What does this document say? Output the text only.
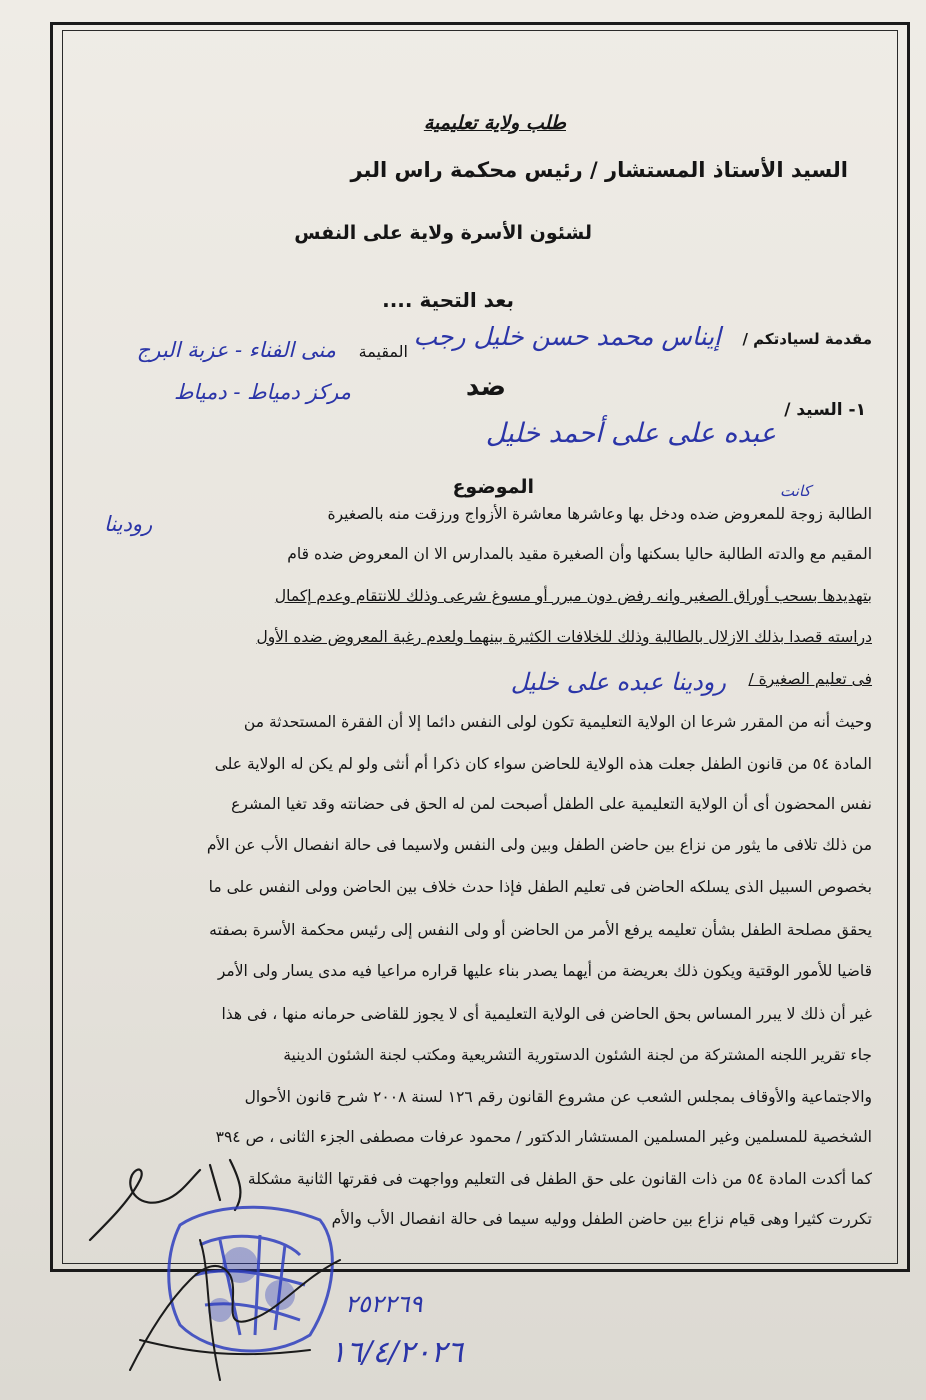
طلب ولاية تعليمية
السيد الأستاذ المستشار / رئيس محكمة راس البر
لشئون الأسرة ولاية على النفس
بعد التحية ....
مقدمة لسيادتكم /
إيناس محمد حسن خليل رجب
المقيمة
منى الفناء - عزبة البرج
مركز دمياط - دمياط	ضد
١- السيد /
عبده على على أحمد خليل
الموضوع	كانت
الطالبة زوجة للمعروض ضده ودخل بها وعاشرها معاشرة الأزواج ورزقت منه بالصغيرة
رودينا
المقيم مع والدته الطالبة حاليا بسكنها وأن الصغيرة مقيد بالمدارس الا ان المعروض ضده قام
بتهديدها بسحب أوراق الصغير وانه رفض دون مبرر أو مسوغ شرعى وذلك للانتقام وعدم إكمال
دراسته قصدا بذلك الازلال بالطالبة وذلك للخلافات الكثيرة بينهما ولعدم رغبة المعروض ضده الأول
فى تعليم الصغيرة /
رودينا عبده على خليل
وحيث أنه من المقرر شرعا ان الولاية التعليمية تكون لولى النفس دائما إلا أن الفقرة المستحدثة من
المادة ٥٤ من قانون الطفل جعلت هذه الولاية للحاضن سواء كان ذكرا أم أنثى ولو لم يكن له الولاية على
نفس المحضون أى أن الولاية التعليمية على الطفل أصبحت لمن له الحق فى حضانته وقد تغيا المشرع
من ذلك تلافى ما يثور من نزاع بين حاضن الطفل وبين ولى النفس ولاسيما فى حالة انفصال الأب عن الأم
بخصوص السبيل الذى يسلكه الحاضن فى تعليم الطفل فإذا حدث خلاف بين الحاضن وولى النفس على ما
يحقق مصلحة الطفل بشأن تعليمه يرفع الأمر من الحاضن أو ولى النفس إلى رئيس محكمة الأسرة بصفته
قاضيا للأمور الوقتية ويكون ذلك بعريضة من أيهما يصدر بناء عليها قراره مراعيا فيه مدى يسار ولى الأمر
غير أن ذلك لا يبرر المساس بحق الحاضن فى الولاية التعليمية أى لا يجوز للقاضى حرمانه منها ، فى هذا
جاء تقرير اللجنه المشتركة من لجنة الشئون الدستورية التشريعية ومكتب لجنة الشئون الدينية
والاجتماعية والأوقاف بمجلس الشعب عن مشروع القانون رقم ١٢٦ لسنة ٢٠٠٨ شرح قانون الأحوال
الشخصية للمسلمين وغير المسلمين المستشار الدكتور / محمود عرفات مصطفى الجزء الثانى ، ص ٣٩٤
كما أكدت المادة ٥٤ من ذات القانون على حق الطفل فى التعليم وواجهت فى فقرتها الثانية مشكلة
تكررت كثيرا وهى قيام نزاع بين حاضن الطفل ووليه سيما فى حالة انفصال الأب والأم
٢٥٢٢٦٩
١٦/٤/٢٠٢٦
